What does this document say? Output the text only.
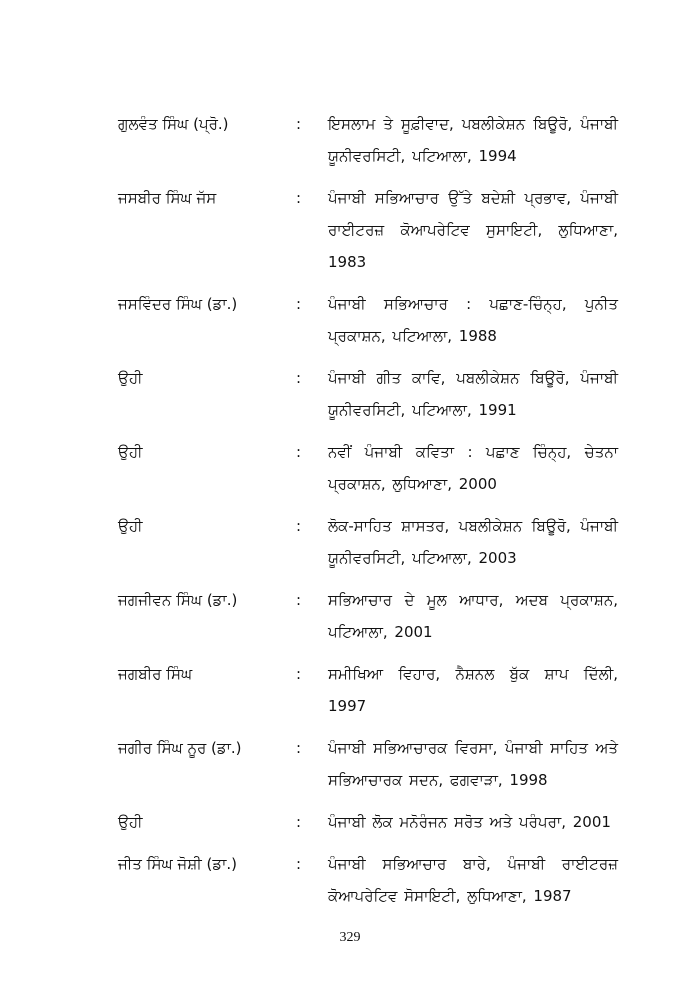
ਗੁਲਵੰਤ ਸਿੰਘ (ਪ੍ਰੋ.)	:	ਇਸਲਾਮ ਤੇ ਸੂਫ਼ੀਵਾਦ, ਪਬਲੀਕੇਸ਼ਨ ਬਿਊਰੋ, ਪੰਜਾਬੀ ਯੂਨੀਵਰਸਿਟੀ, ਪਟਿਆਲਾ, 1994
ਜਸਬੀਰ ਸਿੰਘ ਜੱਸ	:	ਪੰਜਾਬੀ ਸਭਿਆਚਾਰ ਉੱਤੇ ਬਦੇਸ਼ੀ ਪ੍ਰਭਾਵ, ਪੰਜਾਬੀ ਰਾਈਟਰਜ਼ ਕੋਆਪਰੇਟਿਵ ਸੁਸਾਇਟੀ, ਲੁਧਿਆਣਾ, 1983
ਜਸਵਿੰਦਰ ਸਿੰਘ (ਡਾ.)	:	ਪੰਜਾਬੀ ਸਭਿਆਚਾਰ : ਪਛਾਣ-ਚਿੰਨ੍ਹ, ਪੁਨੀਤ ਪ੍ਰਕਾਸ਼ਨ, ਪਟਿਆਲਾ, 1988
ਉਹੀ	:	ਪੰਜਾਬੀ ਗੀਤ ਕਾਵਿ, ਪਬਲੀਕੇਸ਼ਨ ਬਿਊਰੋ, ਪੰਜਾਬੀ ਯੂਨੀਵਰਸਿਟੀ, ਪਟਿਆਲਾ, 1991
ਉਹੀ	:	ਨਵੀਂ ਪੰਜਾਬੀ ਕਵਿਤਾ : ਪਛਾਣ ਚਿੰਨ੍ਹ, ਚੇਤਨਾ ਪ੍ਰਕਾਸ਼ਨ, ਲੁਧਿਆਣਾ, 2000
ਉਹੀ	:	ਲੋਕ-ਸਾਹਿਤ ਸ਼ਾਸਤਰ, ਪਬਲੀਕੇਸ਼ਨ ਬਿਊਰੋ, ਪੰਜਾਬੀ ਯੂਨੀਵਰਸਿਟੀ, ਪਟਿਆਲਾ, 2003
ਜਗਜੀਵਨ ਸਿੰਘ (ਡਾ.)	:	ਸਭਿਆਚਾਰ ਦੇ ਮੂਲ ਆਧਾਰ, ਅਦਬ ਪ੍ਰਕਾਸ਼ਨ, ਪਟਿਆਲਾ, 2001
ਜਗਬੀਰ ਸਿੰਘ	:	ਸਮੀਖਿਆ ਵਿਹਾਰ, ਨੈਸ਼ਨਲ ਬੁੱਕ ਸ਼ਾਪ ਦਿੱਲੀ, 1997
ਜਗੀਰ ਸਿੰਘ ਨੂਰ (ਡਾ.)	:	ਪੰਜਾਬੀ ਸਭਿਆਚਾਰਕ ਵਿਰਸਾ, ਪੰਜਾਬੀ ਸਾਹਿਤ ਅਤੇ ਸਭਿਆਚਾਰਕ ਸਦਨ, ਫਗਵਾੜਾ, 1998
ਉਹੀ	:	ਪੰਜਾਬੀ ਲੋਕ ਮਨੋਰੰਜਨ ਸਰੋਤ ਅਤੇ ਪਰੰਪਰਾ, 2001
ਜੀਤ ਸਿੰਘ ਜੋਸ਼ੀ (ਡਾ.)	:	ਪੰਜਾਬੀ ਸਭਿਆਚਾਰ ਬਾਰੇ, ਪੰਜਾਬੀ ਰਾਈਟਰਜ਼ ਕੋਆਪਰੇਟਿਵ ਸੋਸਾਇਟੀ, ਲੁਧਿਆਣਾ, 1987
329
